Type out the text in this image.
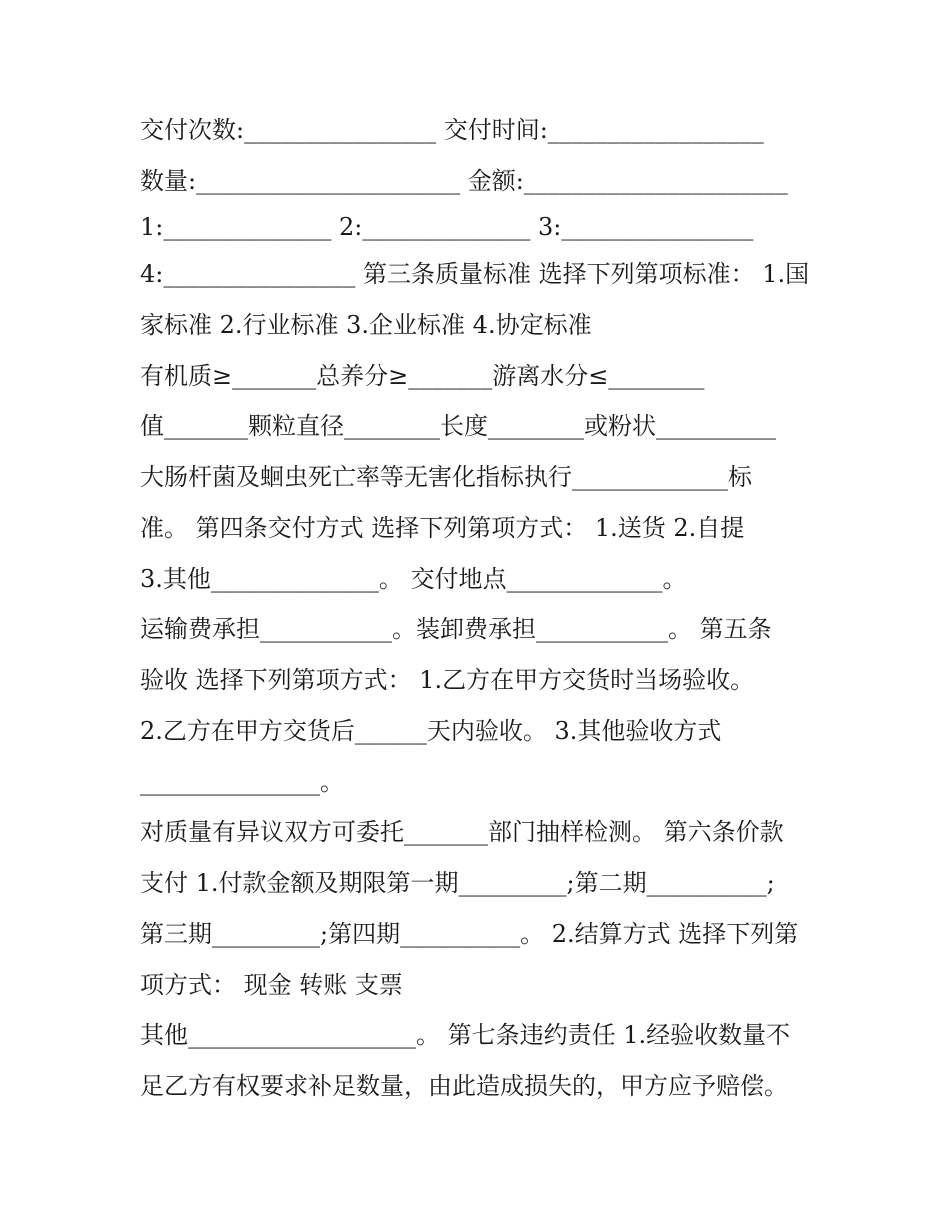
交付次数:________________ 交付时间:__________________

数量:______________________ 金额:______________________

1:______________ 2:______________ 3:________________

4:________________ 第三条质量标准 选择下列第项标准： 1.国

家标准 2.行业标准 3.企业标准 4.协定标准

有机质≥_______总养分≥_______游离水分≤________

值_______颗粒直径________长度________或粉状__________

大肠杆菌及蛔虫死亡率等无害化指标执行_____________标

准。 第四条交付方式 选择下列第项方式： 1.送货 2.自提

3.其他______________。 交付地点_____________。

运输费承担___________。装卸费承担___________。 第五条

验收 选择下列第项方式： 1.乙方在甲方交货时当场验收。

2.乙方在甲方交货后______天内验收。 3.其他验收方式

_______________。

对质量有异议双方可委托_______部门抽样检测。 第六条价款

支付 1.付款金额及期限第一期_________;第二期__________;

第三期_________;第四期__________。 2.结算方式 选择下列第

项方式： 现金 转账 支票

其他___________________。 第七条违约责任 1.经验收数量不

足乙方有权要求补足数量，由此造成损失的，甲方应予赔偿。
